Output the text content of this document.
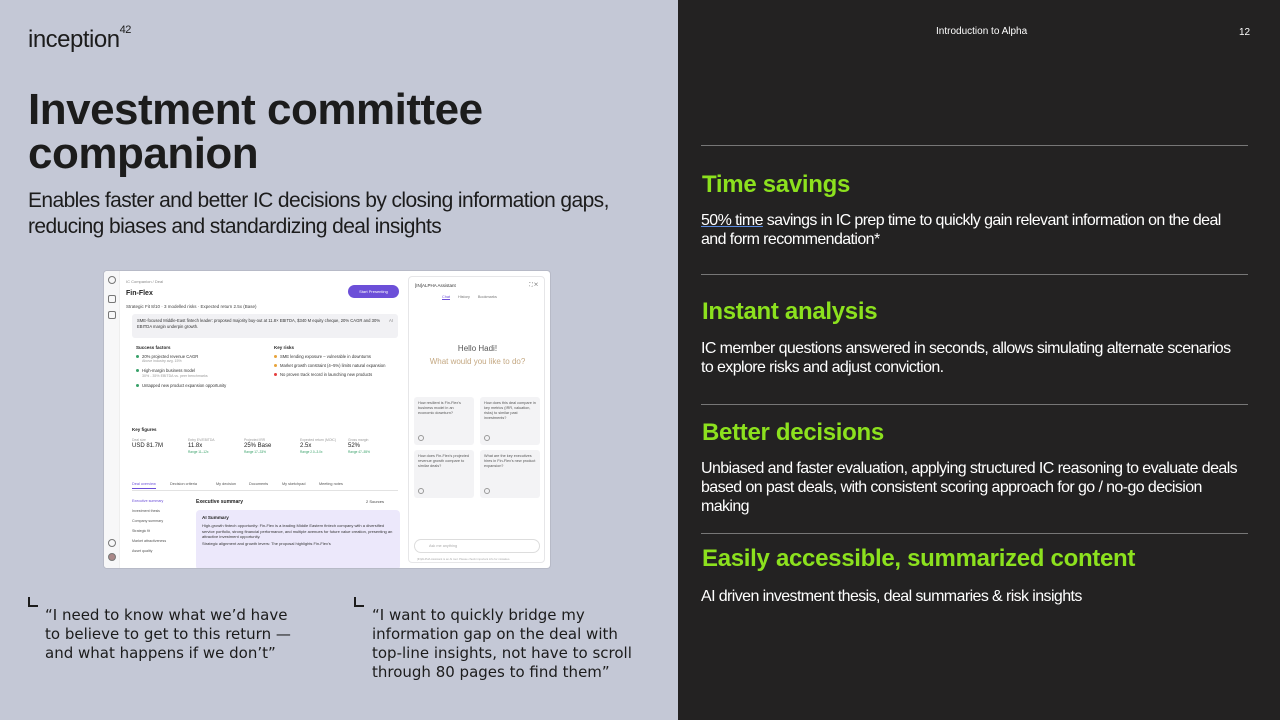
inception$^{42}$
Investment committee companion
Enables faster and better IC decisions by closing information gaps, reducing biases and standardizing deal insights
IC Companion / Deal
Fin-Flex	Start Presenting
Strategic Fit 8/10 · 3 modelled risks · Expected return 2.5x (Base)
SME-focused Middle-East fintech leader: proposed majority buy-out at 11.8× EBITDA, $340 M equity cheque, 20% CAGR and 30% EBITDA margin underpin growth.
AI
Success factors
20% projected revenue CAGR
Above industry avg. 15%
High-margin business model
30% - 35% EBITDA vs. peer benchmarks
Untapped new product expansion opportunity
Key risks
SME lending exposure – vulnerable in downturns
Market growth constraint (4–5%) limits natural expansion
No proven track record in launching new products
Key figures
Deal size
USD 81.7M
Entry EV/EBITDA
11.8x
Range 11–12x
Projected IRR
25% Base
Range 17–33%
Expected return (MOIC)
2.5x
Range 2.0–3.0x
Gross margin
52%
Range 47–55%
Deal overview	Decision criteria	My decision	Documents	My sketchpad	Meeting notes
Executive summary
Investment thesis
Company summary
Strategic fit
Market attractiveness
Asset quality
Executive summary	2 Sources
AI Summary
High-growth fintech opportunity: Fin-Flex is a leading Middle Eastern fintech company with a diversified service portfolio, strong financial performance, and multiple avenues for future value creation, presenting an attractive investment opportunity.
Strategic alignment and growth levers: The proposal highlights Fin-Flex's
[IN]ALPHA Assistant	⛶ ✕
Chat History Bookmarks
Hello Hadi!
What would you like to do?
How resilient is Fin-Flex's business model in an economic downturn?
How does this deal compare in key metrics (IRR, valuation, risks) to similar past investments?
How does Fin-Flex's projected revenue growth compare to similar deals?
What are the key executives hires in Fin-Flex's new product expansion?
Ask me anything
[IN]ALPHA Assistant is an AI tool. Please check important info for mistakes.
“I need to know what we’d have to believe to get to this return — and what happens if we don’t”
“I want to quickly bridge my information gap on the deal with top-line insights, not have to scroll through 80 pages to find them”
Introduction to Alpha	12
Time savings
50% time savings in IC prep time to quickly gain relevant information on the deal and form recommendation*
Instant analysis
IC member questions answered in seconds, allows simulating alternate scenarios to explore risks and adjust conviction.
Better decisions
Unbiased and faster evaluation, applying structured IC reasoning to evaluate deals based on past deals, with consistent scoring approach for go / no-go decision making
Easily accessible, summarized content
AI driven investment thesis, deal summaries & risk insights
